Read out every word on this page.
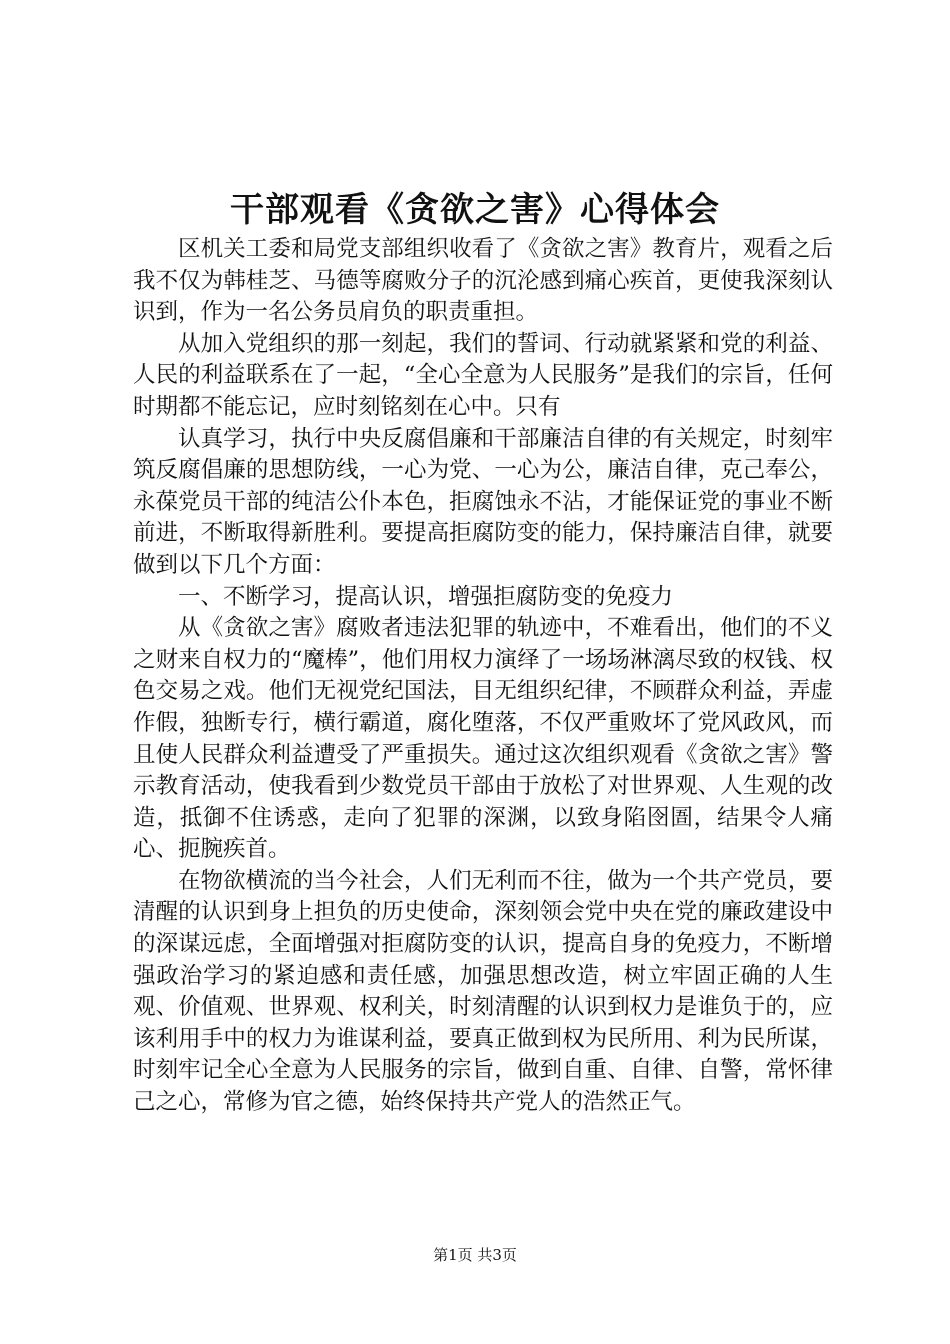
干部观看《贪欲之害》心得体会

区机关工委和局党支部组织收看了《贪欲之害》教育片，观看之后我不仅为韩桂芝、马德等腐败分子的沉沦感到痛心疾首，更使我深刻认识到，作为一名公务员肩负的职责重担。

从加入党组织的那一刻起，我们的誓词、行动就紧紧和党的利益、人民的利益联系在了一起，“全心全意为人民服务”是我们的宗旨，任何时期都不能忘记，应时刻铭刻在心中。只有

认真学习，执行中央反腐倡廉和干部廉洁自律的有关规定，时刻牢筑反腐倡廉的思想防线，一心为党、一心为公，廉洁自律，克己奉公，永葆党员干部的纯洁公仆本色，拒腐蚀永不沾，才能保证党的事业不断前进，不断取得新胜利。要提高拒腐防变的能力，保持廉洁自律，就要做到以下几个方面：

一、不断学习，提高认识，增强拒腐防变的免疫力

从《贪欲之害》腐败者违法犯罪的轨迹中，不难看出，他们的不义之财来自权力的“魔棒”，他们用权力演绎了一场场淋漓尽致的权钱、权色交易之戏。他们无视党纪国法，目无组织纪律，不顾群众利益，弄虚作假，独断专行，横行霸道，腐化堕落，不仅严重败坏了党风政风，而且使人民群众利益遭受了严重损失。通过这次组织观看《贪欲之害》警示教育活动，使我看到少数党员干部由于放松了对世界观、人生观的改造，抵御不住诱惑，走向了犯罪的深渊，以致身陷囹圄，结果令人痛心、扼腕疾首。

在物欲横流的当今社会，人们无利而不往，做为一个共产党员，要清醒的认识到身上担负的历史使命，深刻领会党中央在党的廉政建设中的深谋远虑，全面增强对拒腐防变的认识，提高自身的免疫力，不断增强政治学习的紧迫感和责任感，加强思想改造，树立牢固正确的人生观、价值观、世界观、权利关，时刻清醒的认识到权力是谁负于的，应该利用手中的权力为谁谋利益，要真正做到权为民所用、利为民所谋，时刻牢记全心全意为人民服务的宗旨，做到自重、自律、自警，常怀律己之心，常修为官之德，始终保持共产党人的浩然正气。

第1页 共3页
